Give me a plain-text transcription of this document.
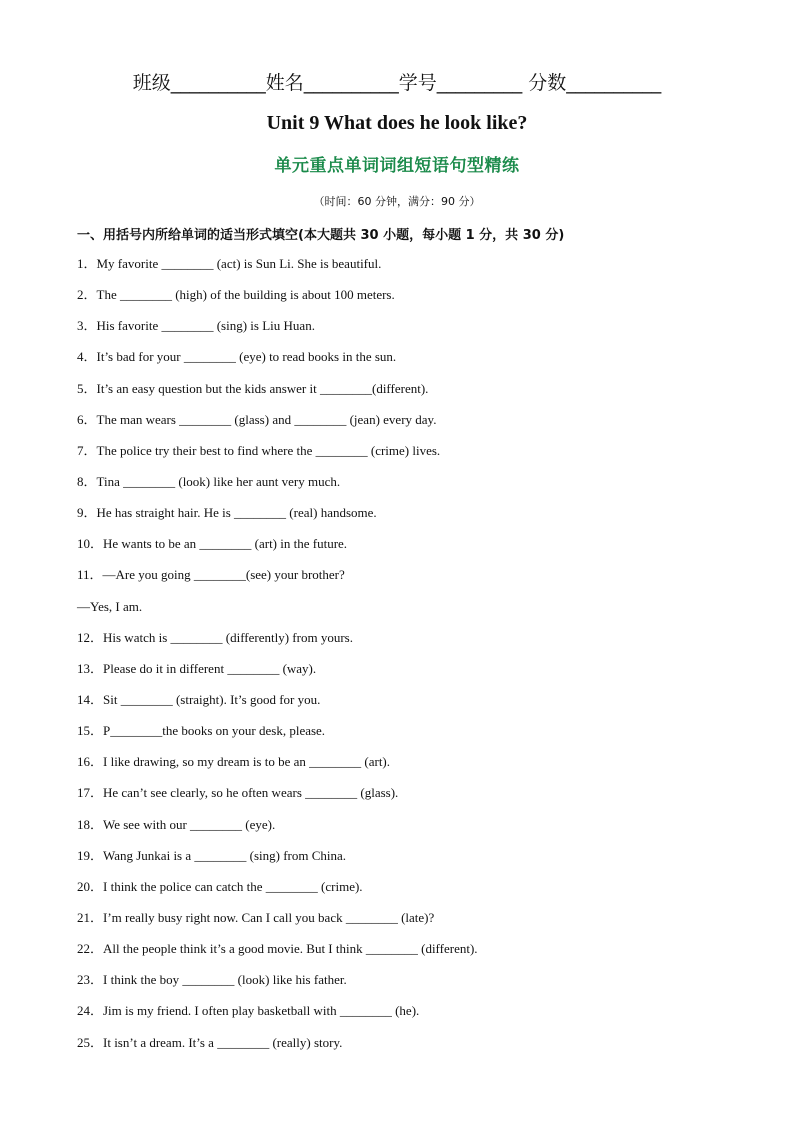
班级__________姓名__________学号_________ 分数__________
Unit 9 What does he look like?
单元重点单词词组短语句型精练
（时间：60 分钟，满分：90 分）
一、用括号内所给单词的适当形式填空(本大题共 30 小题，每小题 1 分，共 30 分)
1．My favorite ________ (act) is Sun Li. She is beautiful.
2．The ________ (high) of the building is about 100 meters.
3．His favorite ________ (sing) is Liu Huan.
4．It’s bad for your ________ (eye) to read books in the sun.
5．It’s an easy question but the kids answer it ________(different).
6．The man wears ________ (glass) and ________ (jean) every day.
7．The police try their best to find where the ________ (crime) lives.
8．Tina ________ (look) like her aunt very much.
9．He has straight hair. He is ________ (real) handsome.
10．He wants to be an ________ (art) in the future.
11．—Are you going ________(see) your brother?
—Yes, I am.
12．His watch is ________ (differently) from yours.
13．Please do it in different ________ (way).
14．Sit ________ (straight). It’s good for you.
15．P________the books on your desk, please.
16．I like drawing, so my dream is to be an ________ (art).
17．He can’t see clearly, so he often wears ________ (glass).
18．We see with our ________ (eye).
19．Wang Junkai is a ________ (sing) from China.
20．I think the police can catch the ________ (crime).
21．I’m really busy right now. Can I call you back ________ (late)?
22．All the people think it’s a good movie. But I think ________ (different).
23．I think the boy ________ (look) like his father.
24．Jim is my friend. I often play basketball with ________ (he).
25．It isn’t a dream. It’s a ________ (really) story.
